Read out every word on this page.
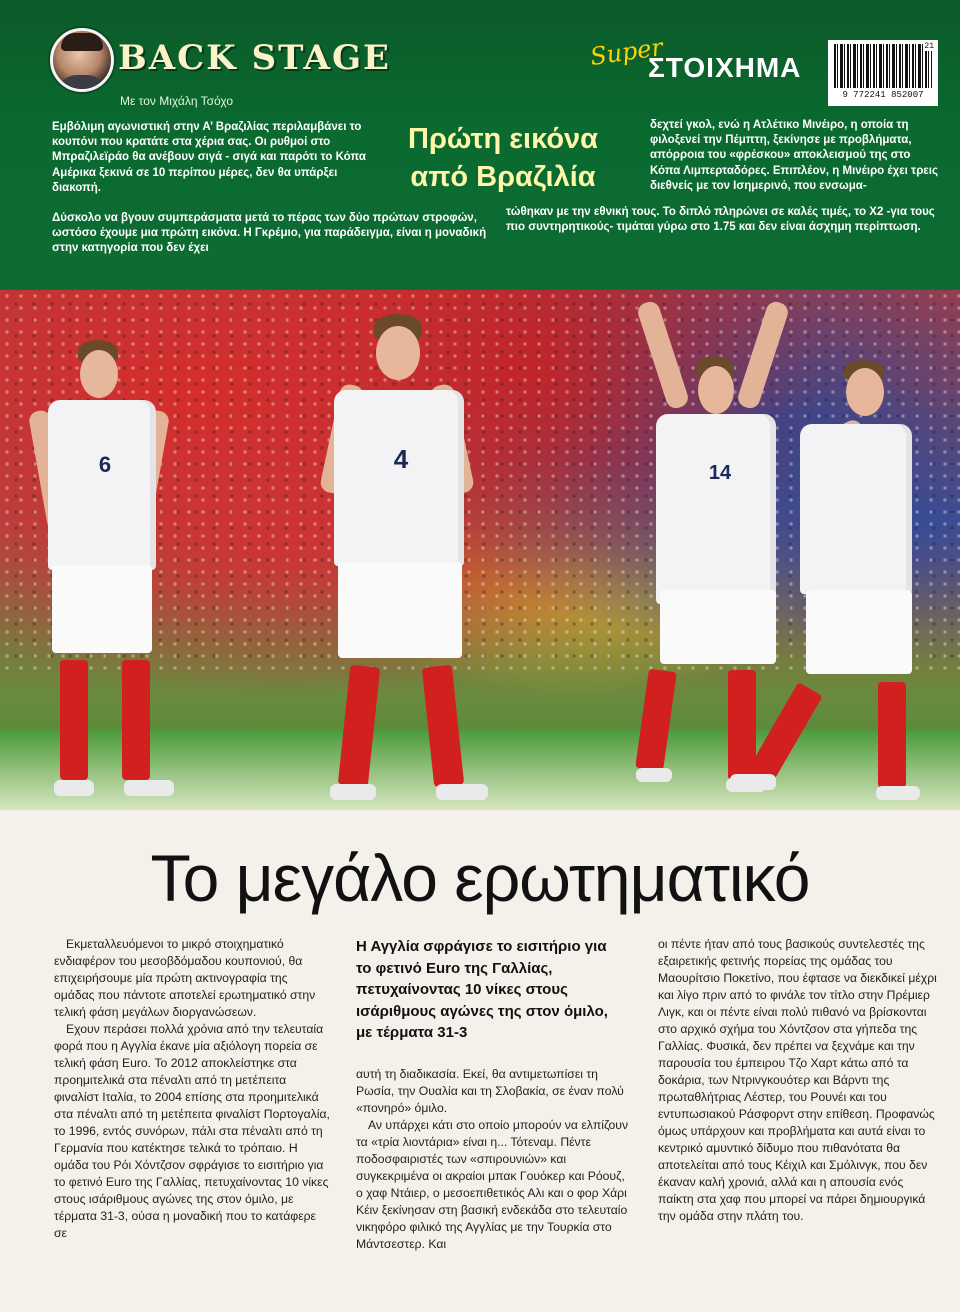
BACK STAGE
Με τον Μιχάλη Τσόχο
Super
ΣΤΟΙΧΗΜΑ
21
9 772241 852007

Εμβόλιμη αγωνιστική στην Α’ Βραζιλίας περιλαμβάνει το κουπόνι που κρατάτε στα χέρια σας. Οι ρυθμοί στο Μπραζιλεϊράο θα ανέβουν σιγά - σιγά και παρότι το Κόπα Αμέρικα ξεκινά σε 10 περίπου μέρες, δεν θα υπάρξει διακοπή.

Δύσκολο να βγουν συμπεράσματα μετά το πέρας των δύο πρώτων στροφών, ωστόσο έχουμε μια πρώτη εικόνα. Η Γκρέμιο, για παράδειγμα, είναι η μοναδική στην κατηγορία που δεν έχει

Πρώτη εικόνα από Βραζιλία

δεχτεί γκολ, ενώ η Ατλέτικο Μινέιρο, η οποία τη φιλοξενεί την Πέμπτη, ξεκίνησε με προβλήματα, απόρροια του «φρέσκου» αποκλεισμού της στο Κόπα Λιμπερταδόρες. Επιπλέον, η Μινέιρο έχει τρεις διεθνείς με τον Ισημερινό, που ενσωμα-

τώθηκαν με την εθνική τους. Το διπλό πληρώνει σε καλές τιμές, το Χ2 -για τους πιο συντηρητικούς- τιμάται γύρω στο 1.75 και δεν είναι άσχημη περίπτωση.

6	4	14
Το μεγάλο ερωτηματικό

Εκμεταλλευόμενοι το μικρό στοιχηματικό ενδιαφέρον του μεσοβδόμαδου κουπονιού, θα επιχειρήσουμε μία πρώτη ακτινογραφία της ομάδας που πάντοτε αποτελεί ερωτηματικό στην τελική φάση μεγάλων διοργανώσεων.

Εχουν περάσει πολλά χρόνια από την τελευταία φορά που η Αγγλία έκανε μία αξιόλογη πορεία σε τελική φάση Euro. Το 2012 αποκλείστηκε στα προημιτελικά στα πέναλτι από τη μετέπειτα φιναλίστ Ιταλία, το 2004 επίσης στα προημιτελικά στα πέναλτι από τη μετέπειτα φιναλίστ Πορτογαλία, το 1996, εντός συνόρων, πάλι στα πέναλτι από τη Γερμανία που κατέκτησε τελικά το τρόπαιο. Η ομάδα του Ρόι Χόντζσον σφράγισε το εισιτήριο για το φετινό Euro της Γαλλίας, πετυχαίνοντας 10 νίκες στους ισάριθμους αγώνες της στον όμιλο, με τέρματα 31-3, ούσα η μοναδική που το κατάφερε σε

Η Αγγλία σφράγισε το εισιτήριο για το φετινό Euro της Γαλλίας, πετυχαίνοντας 10 νίκες στους ισάριθμους αγώνες της στον όμιλο, με τέρματα 31-3

αυτή τη διαδικασία. Εκεί, θα αντιμετωπίσει τη Ρωσία, την Ουαλία και τη Σλοβακία, σε έναν πολύ «πονηρό» όμιλο.

Αν υπάρχει κάτι στο οποίο μπορούν να ελπίζουν τα «τρία λιοντάρια» είναι η... Τότεναμ. Πέντε ποδοσφαιριστές των «σπιρουνιών» και συγκεκριμένα οι ακραίοι μπακ Γουόκερ και Ρόουζ, ο χαφ Ντάιερ, ο μεσοεπιθετικός Αλι και ο φορ Χάρι Κέιν ξεκίνησαν στη βασική ενδεκάδα στο τελευταίο νικηφόρο φιλικό της Αγγλίας με την Τουρκία στο Μάντσεστερ. Και

οι πέντε ήταν από τους βασικούς συντελεστές της εξαιρετικής φετινής πορείας της ομάδας του Μαουρίτσιο Ποκετίνο, που έφτασε να διεκδικεί μέχρι και λίγο πριν από το φινάλε τον τίτλο στην Πρέμιερ Λιγκ, και οι πέντε είναι πολύ πιθανό να βρίσκονται στο αρχικό σχήμα του Χόντζσον στα γήπεδα της Γαλλίας. Φυσικά, δεν πρέπει να ξεχνάμε και την παρουσία του έμπειρου Τζο Χαρτ κάτω από τα δοκάρια, των Ντρινγκουότερ και Βάρντι της πρωταθλήτριας Λέστερ, του Ρουνέι και του εντυπωσιακού Ράσφορντ στην επίθεση. Προφανώς όμως υπάρχουν και προβλήματα και αυτά είναι το κεντρικό αμυντικό δίδυμο που πιθανότατα θα αποτελείται από τους Κέιχιλ και Σμόλινγκ, που δεν έκαναν καλή χρονιά, αλλά και η απουσία ενός παίκτη στα χαφ που μπορεί να πάρει δημιουργικά την ομάδα στην πλάτη του.
